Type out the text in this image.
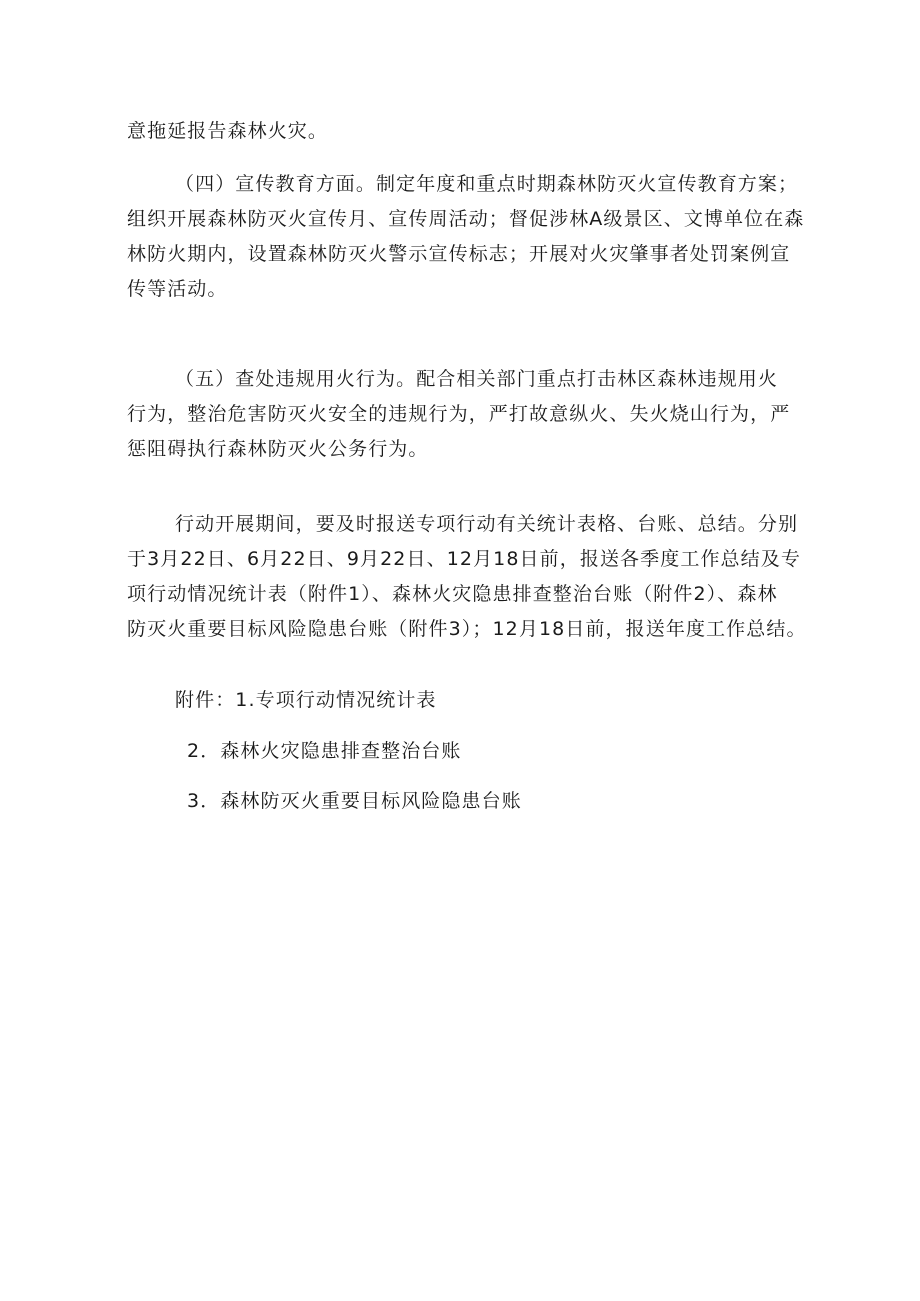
意拖延报告森林火灾。
（四）宣传教育方面。制定年度和重点时期森林防灭火宣传教育方案；
组织开展森林防灭火宣传月、宣传周活动；督促涉林A级景区、文博单位在森
林防火期内，设置森林防灭火警示宣传标志；开展对火灾肇事者处罚案例宣
传等活动。
（五）查处违规用火行为。配合相关部门重点打击林区森林违规用火
行为，整治危害防灭火安全的违规行为，严打故意纵火、失火烧山行为，严
惩阻碍执行森林防灭火公务行为。
行动开展期间，要及时报送专项行动有关统计表格、台账、总结。分别
于3月22日、6月22日、9月22日、12月18日前，报送各季度工作总结及专
项行动情况统计表（附件1）、森林火灾隐患排查整治台账（附件2）、森林
防灭火重要目标风险隐患台账（附件3）；12月18日前，报送年度工作总结。
附件：1.专项行动情况统计表
2．森林火灾隐患排查整治台账
3．森林防灭火重要目标风险隐患台账
